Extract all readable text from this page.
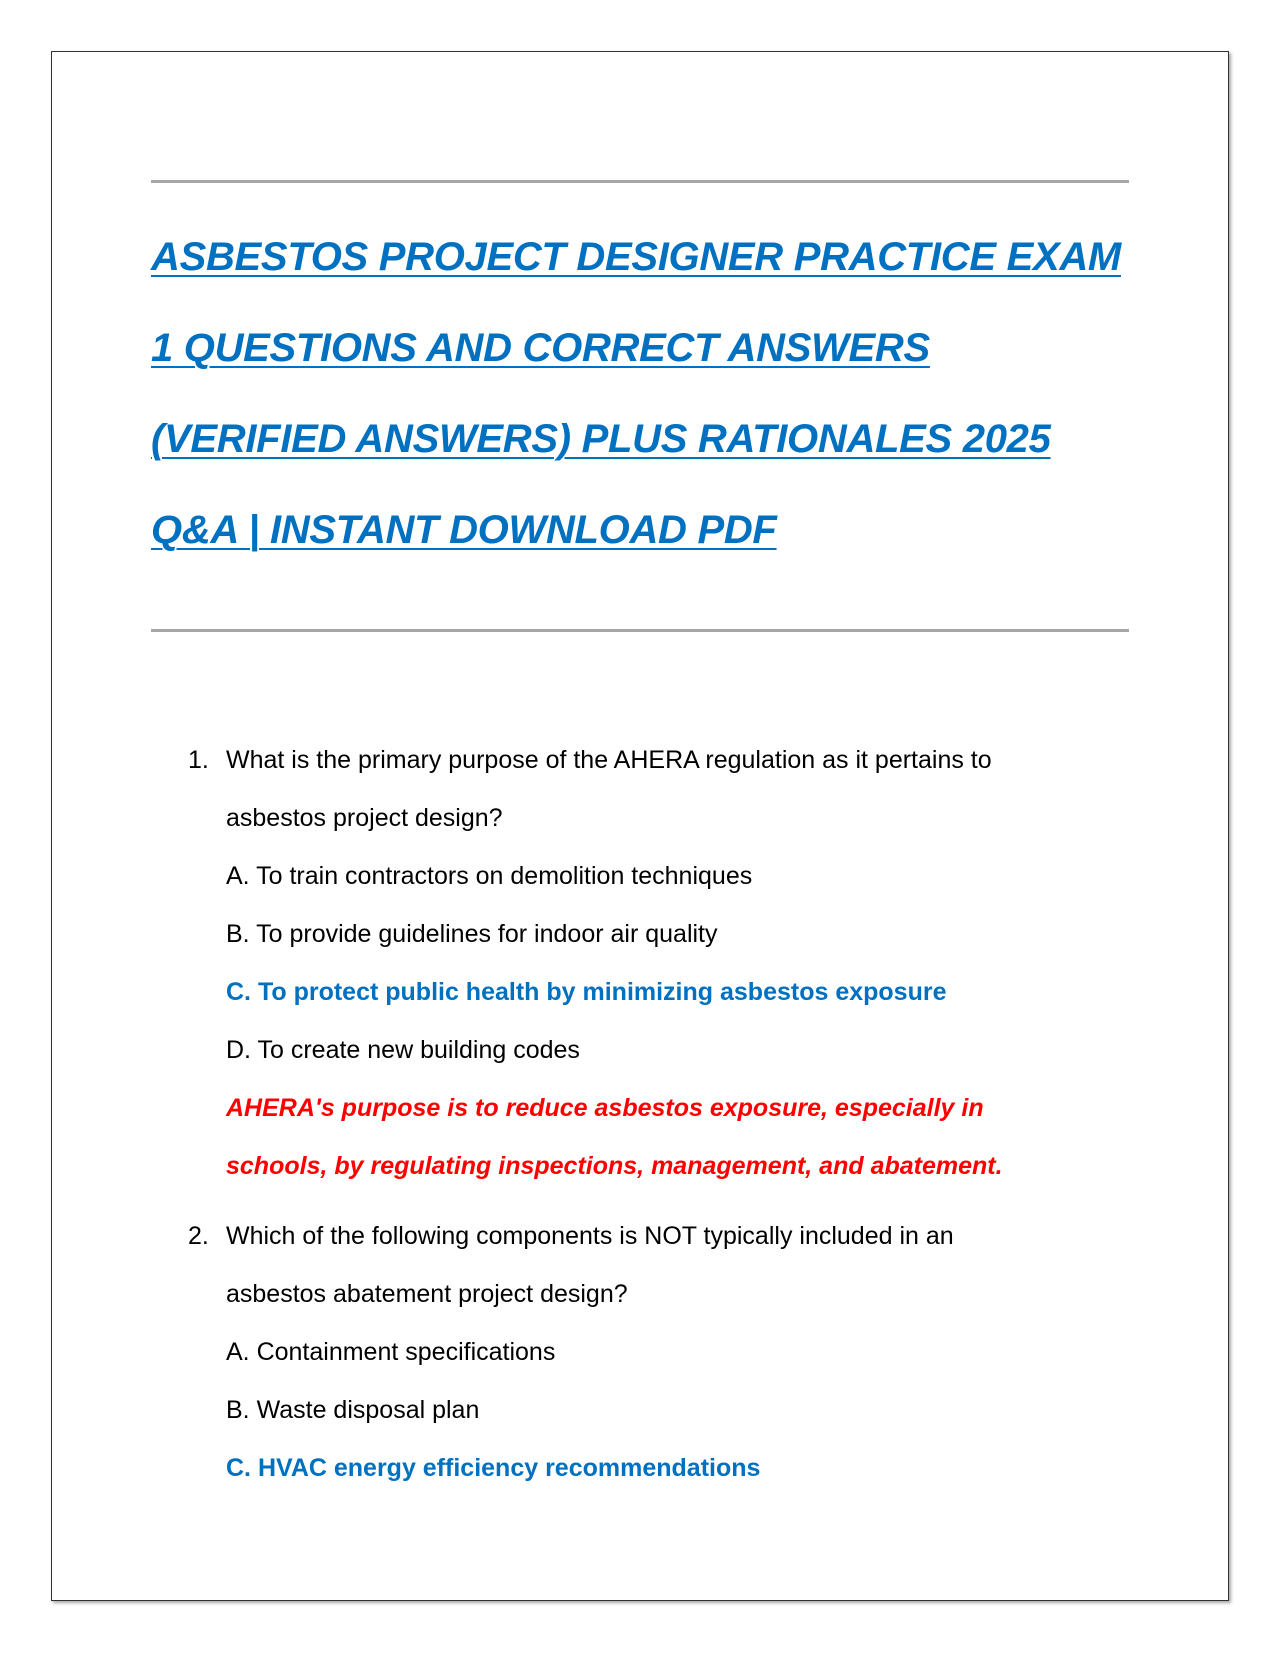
ASBESTOS PROJECT DESIGNER PRACTICE EXAM
1 QUESTIONS AND CORRECT ANSWERS
(VERIFIED ANSWERS) PLUS RATIONALES 2025
Q&A | INSTANT DOWNLOAD PDF
1. What is the primary purpose of the AHERA regulation as it pertains to
asbestos project design?
A. To train contractors on demolition techniques
B. To provide guidelines for indoor air quality
C. To protect public health by minimizing asbestos exposure
D. To create new building codes
AHERA's purpose is to reduce asbestos exposure, especially in
schools, by regulating inspections, management, and abatement.
2. Which of the following components is NOT typically included in an
asbestos abatement project design?
A. Containment specifications
B. Waste disposal plan
C. HVAC energy efficiency recommendations
